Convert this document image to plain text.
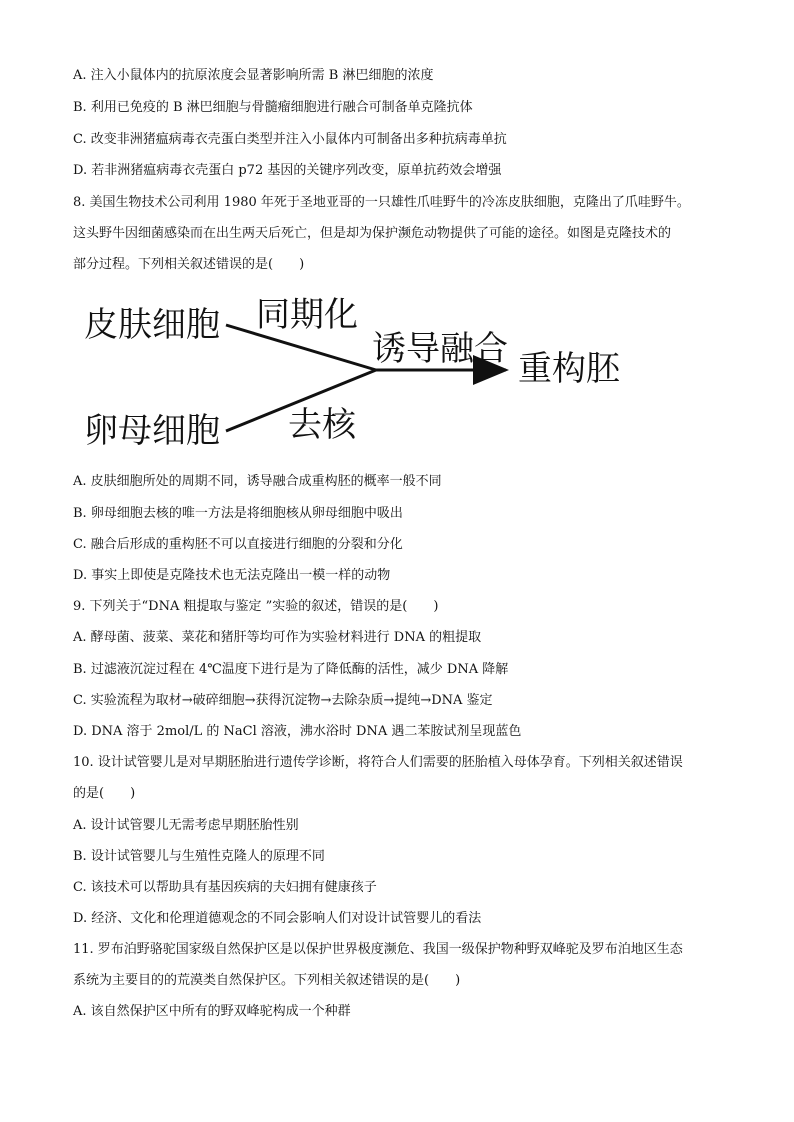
A. 注入小鼠体内的抗原浓度会显著影响所需 B 淋巴细胞的浓度
B. 利用已免疫的 B 淋巴细胞与骨髓瘤细胞进行融合可制备单克隆抗体
C. 改变非洲猪瘟病毒衣壳蛋白类型并注入小鼠体内可制备出多种抗病毒单抗
D. 若非洲猪瘟病毒衣壳蛋白 p72 基因的关键序列改变，原单抗药效会增强
8. 美国生物技术公司利用 1980 年死于圣地亚哥的一只雄性爪哇野牛的冷冻皮肤细胞，克隆出了爪哇野牛。
这头野牛因细菌感染而在出生两天后死亡，但是却为保护濒危动物提供了可能的途径。如图是克隆技术的
部分过程。下列相关叙述错误的是(　　)
皮肤细胞 同期化
卵母细胞 去核
诱导融合 重构胚
A. 皮肤细胞所处的周期不同，诱导融合成重构胚的概率一般不同
B. 卵母细胞去核的唯一方法是将细胞核从卵母细胞中吸出
C. 融合后形成的重构胚不可以直接进行细胞的分裂和分化
D. 事实上即使是克隆技术也无法克隆出一模一样的动物
9. 下列关于“DNA 粗提取与鉴定 ”实验的叙述，错误的是(　　)
A. 酵母菌、菠菜、菜花和猪肝等均可作为实验材料进行 DNA 的粗提取
B. 过滤液沉淀过程在 4℃温度下进行是为了降低酶的活性，减少 DNA 降解
C. 实验流程为取材→破碎细胞→获得沉淀物→去除杂质→提纯→DNA 鉴定
D. DNA 溶于 2mol/L 的 NaCl 溶液，沸水浴时 DNA 遇二苯胺试剂呈现蓝色
10. 设计试管婴儿是对早期胚胎进行遗传学诊断，将符合人们需要的胚胎植入母体孕育。下列相关叙述错误
的是(　　)
A. 设计试管婴儿无需考虑早期胚胎性别
B. 设计试管婴儿与生殖性克隆人的原理不同
C. 该技术可以帮助具有基因疾病的夫妇拥有健康孩子
D. 经济、文化和伦理道德观念的不同会影响人们对设计试管婴儿的看法
11. 罗布泊野骆驼国家级自然保护区是以保护世界极度濒危、我国一级保护物种野双峰驼及罗布泊地区生态
系统为主要目的的荒漠类自然保护区。下列相关叙述错误的是(　　)
A. 该自然保护区中所有的野双峰驼构成一个种群
